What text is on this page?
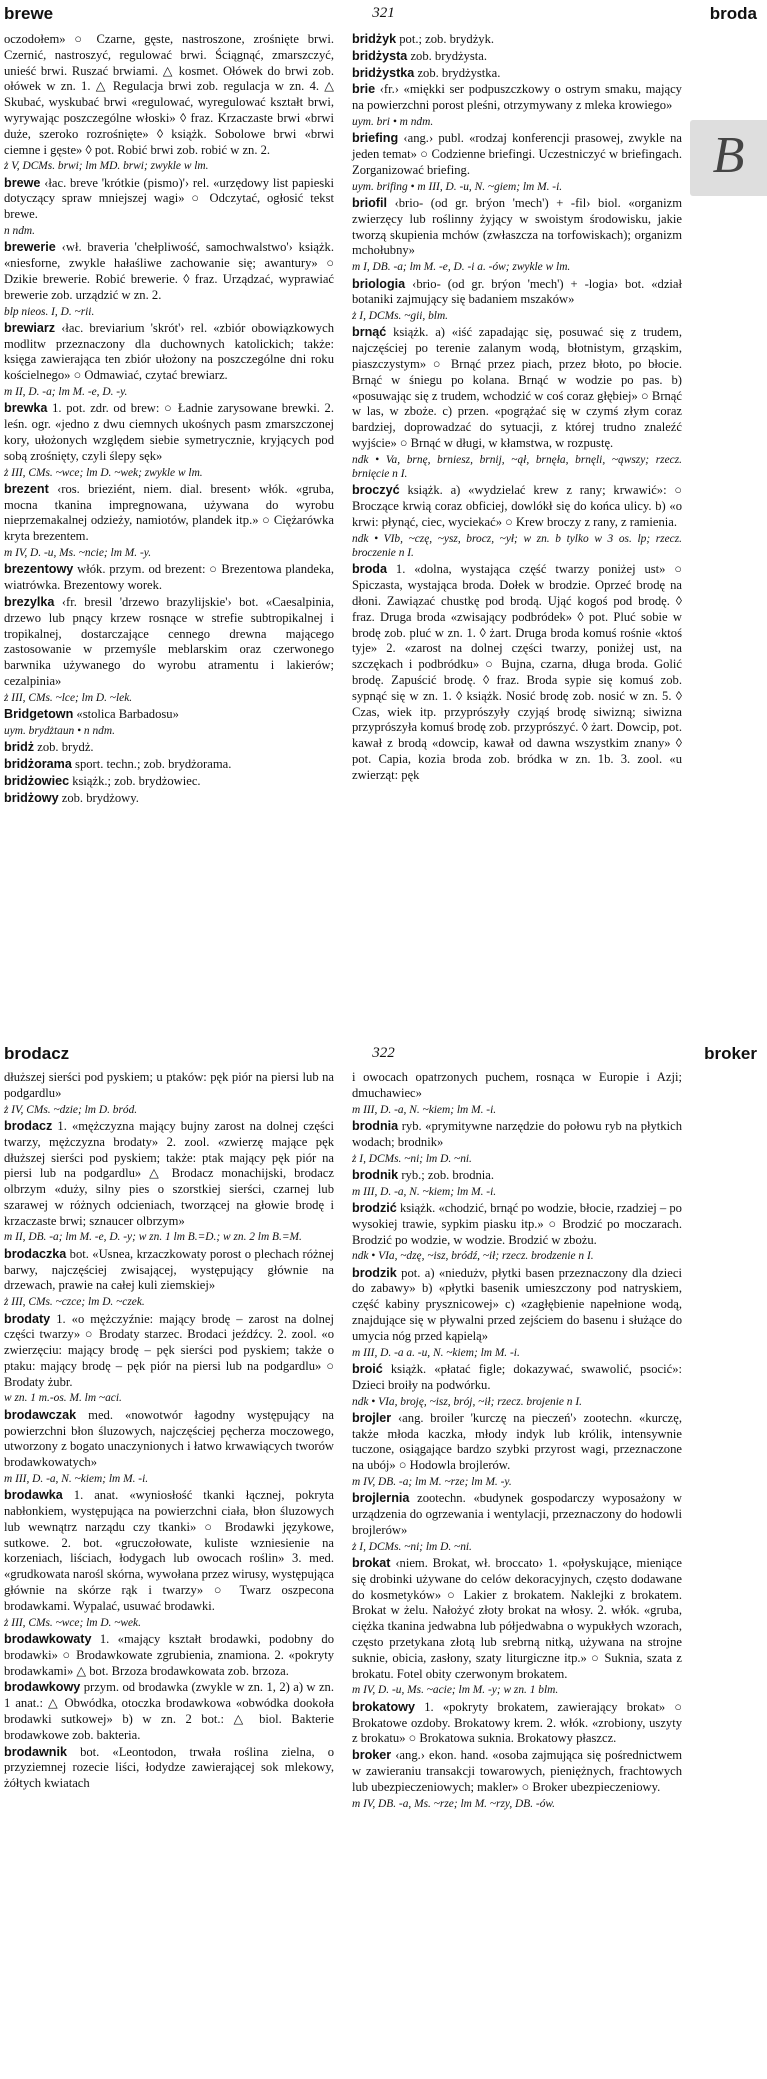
brewe	321	broda
B
oczodołem» ○ Czarne, gęste, nastroszone, zrośnięte brwi. Czernić, nastroszyć, regulować brwi. Ściągnąć, zmarszczyć, unieść brwi. Ruszać brwiami. △ kosmet. Ołówek do brwi zob. ołówek w zn. 1. △ Regulacja brwi zob. regulacja w zn. 4. △ Skubać, wyskubać brwi «regulować, wyregulować kształt brwi, wyrywając poszczególne włoski» ◊ fraz. Krzaczaste brwi «brwi duże, szeroko rozrośnięte» ◊ książk. Sobolowe brwi «brwi ciemne i gęste» ◊ pot. Robić brwi zob. robić w zn. 2.
ż V, DCMs. brwi; lm MD. brwi; zwykle w lm.
brewe ‹łac. breve 'krótkie (pismo)'› rel. «urzędowy list papieski dotyczący spraw mniejszej wagi» ○ Odczytać, ogłosić tekst brewe.
n ndm.
brewerie ‹wł. braveria 'chełpliwość, samochwalstwo'› książk. «niesforne, zwykle hałaśliwe zachowanie się; awantury» ○ Dzikie brewerie. Robić brewerie. ◊ fraz. Urządzać, wyprawiać brewerie zob. urządzić w zn. 2.
blp nieos. I, D. ~rii.
brewiarz ‹łac. breviarium 'skrót'› rel. «zbiór obowiązkowych modlitw przeznaczony dla duchownych katolickich; także: księga zawierająca ten zbiór ułożony na poszczególne dni roku kościelnego» ○ Odmawiać, czytać brewiarz.
m II, D. -a; lm M. -e, D. -y.
brewka 1. pot. zdr. od brew: ○ Ładnie zarysowane brewki. 2. leśn. ogr. «jedno z dwu ciemnych ukośnych pasm zmarszczonej kory, ułożonych względem siebie symetrycznie, kryjących pod sobą zrośnięty, czyli ślepy sęk»
ż III, CMs. ~wce; lm D. ~wek; zwykle w lm.
brezent ‹ros. brieziént, niem. dial. bresent› włók. «gruba, mocna tkanina impregnowana, używana do wyrobu nieprzemakalnej odzieży, namiotów, plandek itp.» ○ Ciężarówka kryta brezentem.
m IV, D. -u, Ms. ~ncie; lm M. -y.
brezentowy włók. przym. od brezent: ○ Brezentowa plandeka, wiatrówka. Brezentowy worek.
brezylka ‹fr. bresil 'drzewo brazylijskie'› bot. «Caesalpinia, drzewo lub pnący krzew rosnące w strefie subtropikalnej i tropikalnej, dostarczające cennego drewna mającego zastosowanie w przemyśle meblarskim oraz czerwonego barwnika używanego do wyrobu atramentu i lakierów; cezalpinia»
ż III, CMs. ~lce; lm D. ~lek.
Bridgetown «stolica Barbadosu»
uym. brydżtaun • n ndm.
bridż zob. brydż.
bridżorama sport. techn.; zob. brydżorama.
bridżowiec książk.; zob. brydżowiec.
bridżowy zob. brydżowy.
bridżyk pot.; zob. brydżyk.
bridżysta zob. brydżysta.
bridżystka zob. brydżystka.
brie ‹fr.› «miękki ser podpuszczkowy o ostrym smaku, mający na powierzchni porost pleśni, otrzymywany z mleka krowiego»
uym. bri • m ndm.
briefing ‹ang.› publ. «rodzaj konferencji prasowej, zwykle na jeden temat» ○ Codzienne briefingi. Uczestniczyć w briefingach. Zorganizować briefing.
uym. brifing • m III, D. -u, N. ~giem; lm M. -i.
briofil ‹brio- (od gr. brýon 'mech') + -fil› biol. «organizm zwierzęcy lub roślinny żyjący w swoistym środowisku, jakie tworzą skupienia mchów (zwłaszcza na torfowiskach); organizm mchołubny»
m I, DB. -a; lm M. -e, D. -i a. -ów; zwykle w lm.
briologia ‹brio- (od gr. brýon 'mech') + -logia› bot. «dział botaniki zajmujący się badaniem mszaków»
ż I, DCMs. ~gii, blm.
brnąć książk. a) «iść zapadając się, posuwać się z trudem, najczęściej po terenie zalanym wodą, błotnistym, grząskim, piaszczystym» ○ Brnąć przez piach, przez błoto, po błocie. Brnąć w śniegu po kolana. Brnąć w wodzie po pas. b) «posuwając się z trudem, wchodzić w coś coraz głębiej» ○ Brnąć w las, w zboże. c) przen. «pogrążać się w czymś złym coraz bardziej, doprowadzać do sytuacji, z której trudno znaleźć wyjście» ○ Brnąć w długi, w kłamstwa, w rozpustę.
ndk • Va, brnę, brniesz, brnij, ~ął, brnęła, brnęli, ~ąwszy; rzecz. brnięcie n I.
broczyć książk. a) «wydzielać krew z rany; krwawić»: ○ Broczące krwią coraz obficiej, dowlókł się do końca ulicy. b) «o krwi: płynąć, ciec, wyciekać» ○ Krew broczy z rany, z ramienia.
ndk • VIb, ~czę, ~ysz, brocz, ~ył; w zn. b tylko w 3 os. lp; rzecz. broczenie n I.
broda 1. «dolna, wystająca część twarzy poniżej ust» ○ Spiczasta, wystająca broda. Dołek w brodzie. Oprzeć brodę na dłoni. Zawiązać chustkę pod brodą. Ująć kogoś pod brodę. ◊ fraz. Druga broda «zwisający podbródek» ◊ pot. Pluć sobie w brodę zob. pluć w zn. 1. ◊ żart. Druga broda komuś rośnie «ktoś tyje» 2. «zarost na dolnej części twarzy, poniżej ust, na szczękach i podbródku» ○ Bujna, czarna, długa broda. Golić brodę. Zapuścić brodę. ◊ fraz. Broda sypie się komuś zob. sypnąć się w zn. 1. ◊ książk. Nosić brodę zob. nosić w zn. 5. ◊ Czas, wiek itp. przyprószyły czyjąś brodę siwizną; siwizna przyprószyła komuś brodę zob. przyprószyć. ◊ żart. Dowcip, pot. kawał z brodą «dowcip, kawał od dawna wszystkim znany» ◊ pot. Capia, kozia broda zob. bródka w zn. 1b. 3. zool. «u zwierząt: pęk
brodacz	322	broker
dłuższej sierści pod pyskiem; u ptaków: pęk piór na piersi lub na podgardlu»
ż IV, CMs. ~dzie; lm D. bród.
brodacz 1. «mężczyzna mający bujny zarost na dolnej części twarzy, mężczyzna brodaty» 2. zool. «zwierzę mające pęk dłuższej sierści pod pyskiem; także: ptak mający pęk piór na piersi lub na podgardlu» △ Brodacz monachijski, brodacz olbrzym «duży, silny pies o szorstkiej sierści, czarnej lub szarawej w różnych odcieniach, tworzącej na głowie brodę i krzaczaste brwi; sznaucer olbrzym»
m II, DB. -a; lm M. -e, D. -y; w zn. 1 lm B.=D.; w zn. 2 lm B.=M.
brodaczka bot. «Usnea, krzaczkowaty porost o plechach różnej barwy, najczęściej zwisającej, występujący głównie na drzewach, prawie na całej kuli ziemskiej»
ż III, CMs. ~czce; lm D. ~czek.
brodaty 1. «o mężczyźnie: mający brodę – zarost na dolnej części twarzy» ○ Brodaty starzec. Brodaci jeźdźcy. 2. zool. «o zwierzęciu: mający brodę – pęk sierści pod pyskiem; także o ptaku: mający brodę – pęk piór na piersi lub na podgardlu» ○ Brodaty żubr.
w zn. 1 m.-os. M. lm ~aci.
brodawczak med. «nowotwór łagodny występujący na powierzchni błon śluzowych, najczęściej pęcherza moczowego, utworzony z bogato unaczynionych i łatwo krwawiących tworów brodawkowatych»
m III, D. -a, N. ~kiem; lm M. -i.
brodawka 1. anat. «wyniosłość tkanki łącznej, pokryta nabłonkiem, występująca na powierzchni ciała, błon śluzowych lub wewnątrz narządu czy tkanki» ○ Brodawki językowe, sutkowe. 2. bot. «gruczołowate, kuliste wzniesienie na korzeniach, liściach, łodygach lub owocach roślin» 3. med. «grudkowata narośl skórna, wywołana przez wirusy, występująca głównie na skórze rąk i twarzy» ○ Twarz oszpecona brodawkami. Wypalać, usuwać brodawki.
ż III, CMs. ~wce; lm D. ~wek.
brodawkowaty 1. «mający kształt brodawki, podobny do brodawki» ○ Brodawkowate zgrubienia, znamiona. 2. «pokryty brodawkami» △ bot. Brzoza brodawkowata zob. brzoza.
brodawkowy przym. od brodawka (zwykle w zn. 1, 2) a) w zn. 1 anat.: △ Obwódka, otoczka brodawkowa «obwódka dookoła brodawki sutkowej» b) w zn. 2 bot.: △ biol. Bakterie brodawkowe zob. bakteria.
brodawnik bot. «Leontodon, trwała roślina zielna, o przyziemnej rozecie liści, łodydze zawierającej sok mlekowy, żółtych kwiatach
i owocach opatrzonych puchem, rosnąca w Europie i Azji; dmuchawiec»
m III, D. -a, N. ~kiem; lm M. -i.
brodnia ryb. «prymitywne narzędzie do połowu ryb na płytkich wodach; brodnik»
ż I, DCMs. ~ni; lm D. ~ni.
brodnik ryb.; zob. brodnia.
m III, D. -a, N. ~kiem; lm M. -i.
brodzić książk. «chodzić, brnąć po wodzie, błocie, rzadziej – po wysokiej trawie, sypkim piasku itp.» ○ Brodzić po moczarach. Brodzić po wodzie, w wodzie. Brodzić w zbożu.
ndk • VIa, ~dzę, ~isz, bródź, ~ił; rzecz. brodzenie n I.
brodzik pot. a) «niedużv, płytki basen przeznaczony dla dzieci do zabawy» b) «płytki basenik umieszczony pod natryskiem, część kabiny prysznicowej» c) «zagłębienie napełnione wodą, znajdujące się w pływalni przed zejściem do basenu i służące do umycia nóg przed kąpielą»
m III, D. -a a. -u, N. ~kiem; lm M. -i.
broić książk. «płatać figle; dokazywać, swawolić, psocić»: Dzieci broiły na podwórku.
ndk • VIa, broję, ~isz, brój, ~ił; rzecz. brojenie n I.
brojler ‹ang. broiler 'kurczę na pieczeń'› zootechn. «kurczę, także młoda kaczka, młody indyk lub królik, intensywnie tuczone, osiągające bardzo szybki przyrost wagi, przeznaczone na ubój» ○ Hodowla brojlerów.
m IV, DB. -a; lm M. ~rze; lm M. -y.
brojlernia zootechn. «budynek gospodarczy wyposażony w urządzenia do ogrzewania i wentylacji, przeznaczony do hodowli brojlerów»
ż I, DCMs. ~ni; lm D. ~ni.
brokat ‹niem. Brokat, wł. broccato› 1. «połyskujące, mieniące się drobinki używane do celów dekoracyjnych, często dodawane do kosmetyków» ○ Lakier z brokatem. Naklejki z brokatem. Brokat w żelu. Nałożyć złoty brokat na włosy. 2. włók. «gruba, ciężka tkanina jedwabna lub półjedwabna o wypukłych wzorach, często przetykana złotą lub srebrną nitką, używana na strojne suknie, obicia, zasłony, szaty liturgiczne itp.» ○ Suknia, szata z brokatu. Fotel obity czerwonym brokatem.
m IV, D. -u, Ms. ~acie; lm M. -y; w zn. 1 blm.
brokatowy 1. «pokryty brokatem, zawierający brokat» ○ Brokatowe ozdoby. Brokatowy krem. 2. włók. «zrobiony, uszyty z brokatu» ○ Brokatowa suknia. Brokatowy płaszcz.
broker ‹ang.› ekon. hand. «osoba zajmująca się pośrednictwem w zawieraniu transakcji towarowych, pieniężnych, frachtowych lub ubezpieczeniowych; makler» ○ Broker ubezpieczeniowy.
m IV, DB. -a, Ms. ~rze; lm M. ~rzy, DB. -ów.
